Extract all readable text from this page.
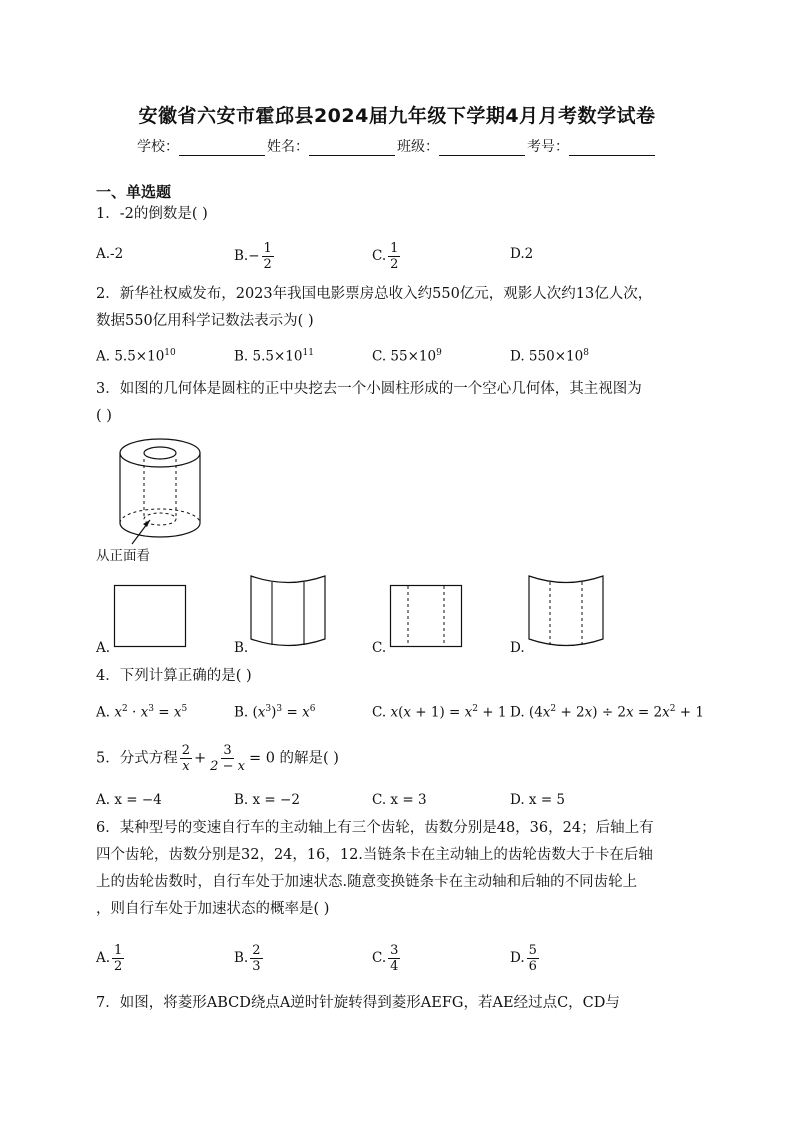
安徽省六安市霍邱县2024届九年级下学期4月月考数学试卷
学校：	姓名：	班级：	考号：
一、单选题
1．-2的倒数是( )
A.-2	$B.- \frac{1}{2}$	C. $\frac{1}{2}$	D.2
2．新华社权威发布，2023年我国电影票房总收入约550亿元，观影人次约13亿人次，
数据550亿用科学记数法表示为( )
A. $5.5\times 10^{10}$	B. $5.5\times 10^{11}$	C. $55\times 10^9$	D. $550\times 10^8$
3．如图的几何体是圆柱的正中央挖去一个小圆柱形成的一个空心几何体，其主视图为
( )
从正面看
A.	B.	C.	D.
4．下列计算正确的是( )
A. $x^2 \cdot x^3 = x^5$	B. $(x^3)^3 = x^6$	C. $x(x + 1) = x^2 + 1$ D. $(4x^2 + 2x) \div 2x = 2x^2 + 1$
5．分式方程 $\frac{2}{x} + \frac{3}{2 - x} = 0$ 的解是( )
A. x = −4	B. x = −2	C. x = 3	D. x = 5
6．某种型号的变速自行车的主动轴上有三个齿轮，齿数分别是48，36，24；后轴上有
四个齿轮，齿数分别是32，24，16，12.当链条卡在主动轴上的齿轮齿数大于卡在后轴
上的齿轮齿数时，自行车处于加速状态.随意变换链条卡在主动轴和后轴的不同齿轮上
，则自行车处于加速状态的概率是( )
A. $\frac{1}{2}$	B. $\frac{2}{3}$	C. $\frac{3}{4}$	D. $\frac{5}{6}$
7．如图，将菱形ABCD绕点A逆时针旋转得到菱形AEFG，若AE经过点C，CD与
